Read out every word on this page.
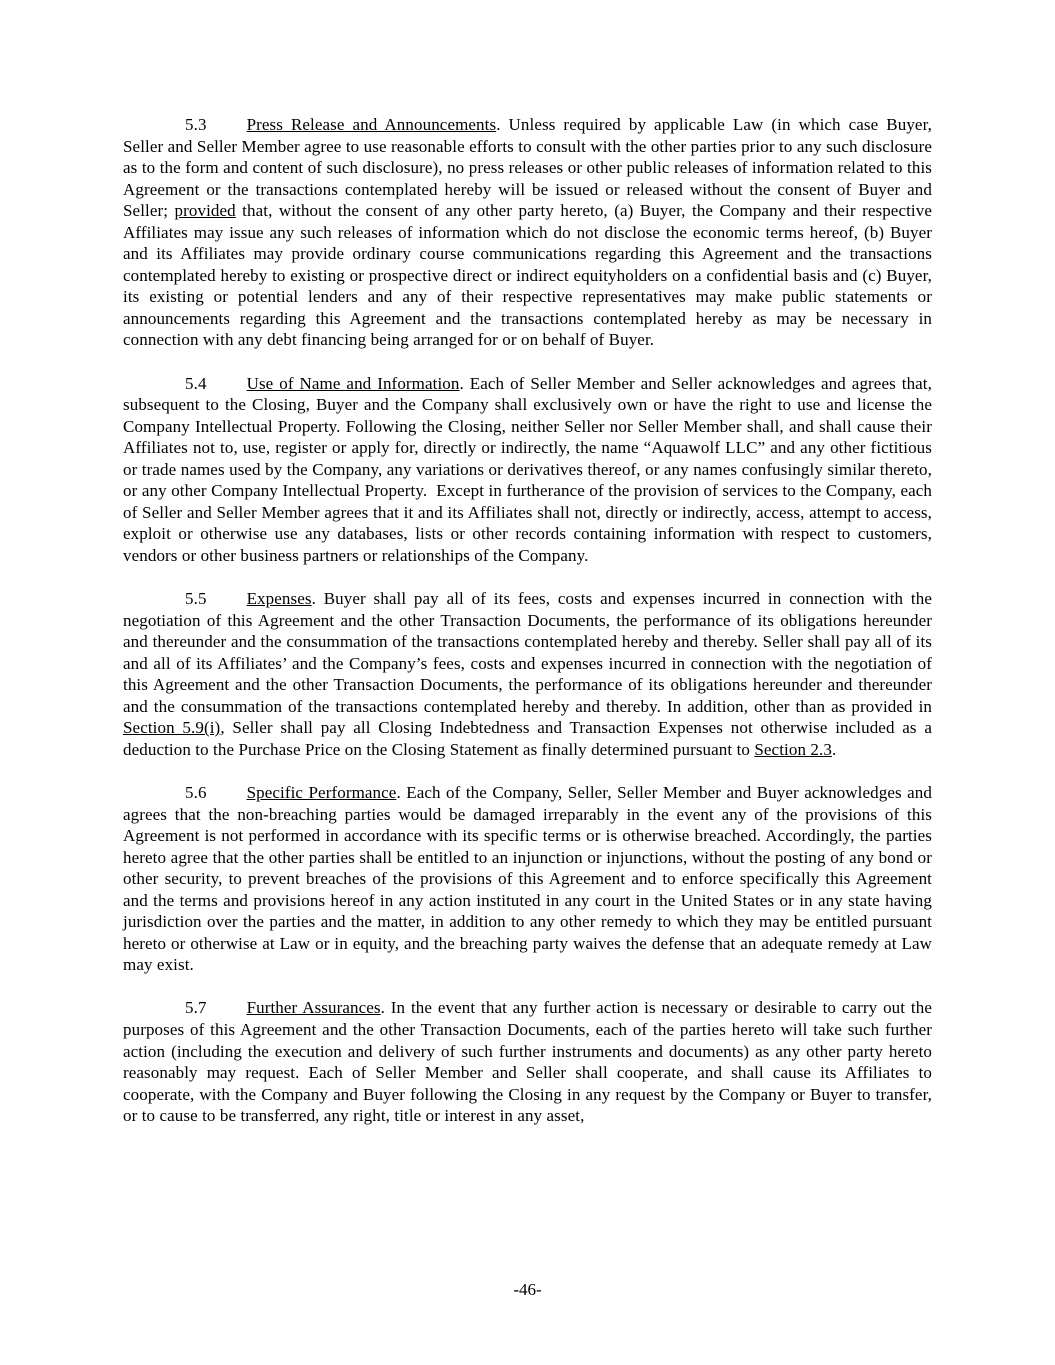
5.3 Press Release and Announcements. Unless required by applicable Law (in which case Buyer, Seller and Seller Member agree to use reasonable efforts to consult with the other parties prior to any such disclosure as to the form and content of such disclosure), no press releases or other public releases of information related to this Agreement or the transactions contemplated hereby will be issued or released without the consent of Buyer and Seller; provided that, without the consent of any other party hereto, (a) Buyer, the Company and their respective Affiliates may issue any such releases of information which do not disclose the economic terms hereof, (b) Buyer and its Affiliates may provide ordinary course communications regarding this Agreement and the transactions contemplated hereby to existing or prospective direct or indirect equityholders on a confidential basis and (c) Buyer, its existing or potential lenders and any of their respective representatives may make public statements or announcements regarding this Agreement and the transactions contemplated hereby as may be necessary in connection with any debt financing being arranged for or on behalf of Buyer.

5.4 Use of Name and Information. Each of Seller Member and Seller acknowledges and agrees that, subsequent to the Closing, Buyer and the Company shall exclusively own or have the right to use and license the Company Intellectual Property. Following the Closing, neither Seller nor Seller Member shall, and shall cause their Affiliates not to, use, register or apply for, directly or indirectly, the name “Aquawolf LLC” and any other fictitious or trade names used by the Company, any variations or derivatives thereof, or any names confusingly similar thereto, or any other Company Intellectual Property.  Except in furtherance of the provision of services to the Company, each of Seller and Seller Member agrees that it and its Affiliates shall not, directly or indirectly, access, attempt to access, exploit or otherwise use any databases, lists or other records containing information with respect to customers, vendors or other business partners or relationships of the Company.

5.5 Expenses. Buyer shall pay all of its fees, costs and expenses incurred in connection with the negotiation of this Agreement and the other Transaction Documents, the performance of its obligations hereunder and thereunder and the consummation of the transactions contemplated hereby and thereby. Seller shall pay all of its and all of its Affiliates’ and the Company’s fees, costs and expenses incurred in connection with the negotiation of this Agreement and the other Transaction Documents, the performance of its obligations hereunder and thereunder and the consummation of the transactions contemplated hereby and thereby. In addition, other than as provided in Section 5.9(i), Seller shall pay all Closing Indebtedness and Transaction Expenses not otherwise included as a deduction to the Purchase Price on the Closing Statement as finally determined pursuant to Section 2.3.

5.6 Specific Performance. Each of the Company, Seller, Seller Member and Buyer acknowledges and agrees that the non-breaching parties would be damaged irreparably in the event any of the provisions of this Agreement is not performed in accordance with its specific terms or is otherwise breached. Accordingly, the parties hereto agree that the other parties shall be entitled to an injunction or injunctions, without the posting of any bond or other security, to prevent breaches of the provisions of this Agreement and to enforce specifically this Agreement and the terms and provisions hereof in any action instituted in any court in the United States or in any state having jurisdiction over the parties and the matter, in addition to any other remedy to which they may be entitled pursuant hereto or otherwise at Law or in equity, and the breaching party waives the defense that an adequate remedy at Law may exist.

5.7 Further Assurances. In the event that any further action is necessary or desirable to carry out the purposes of this Agreement and the other Transaction Documents, each of the parties hereto will take such further action (including the execution and delivery of such further instruments and documents) as any other party hereto reasonably may request. Each of Seller Member and Seller shall cooperate, and shall cause its Affiliates to cooperate, with the Company and Buyer following the Closing in any request by the Company or Buyer to transfer, or to cause to be transferred, any right, title or interest in any asset,

-46-
